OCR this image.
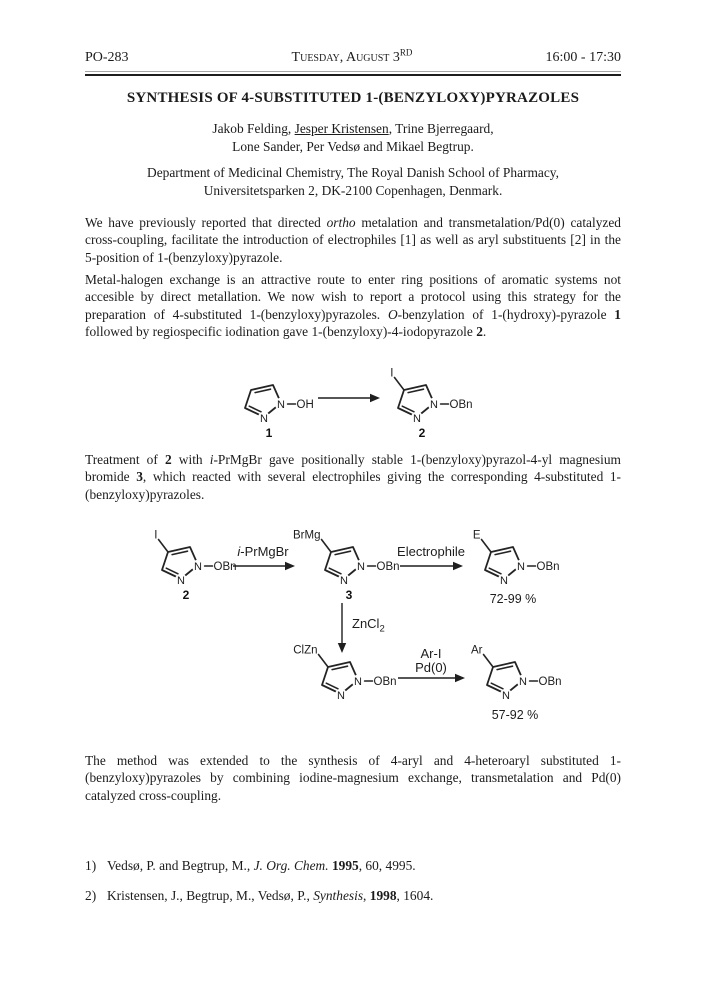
PO-283	Tuesday, August 3RD	16:00 - 17:30
SYNTHESIS OF 4-SUBSTITUTED 1-(BENZYLOXY)PYRAZOLES
Jakob Felding, Jesper Kristensen, Trine Bjerregaard,
Lone Sander, Per Vedsø and Mikael Begtrup.
Department of Medicinal Chemistry, The Royal Danish School of Pharmacy,
Universitetsparken 2, DK-2100 Copenhagen, Denmark.
We have previously reported that directed ortho metalation and transmetalation/Pd(0) catalyzed cross-coupling, facilitate the introduction of electrophiles [1] as well as aryl substituents [2] in the 5-position of 1-(benzyloxy)pyrazole.
Metal-halogen exchange is an attractive route to enter ring positions of aromatic systems not accesible by direct metallation. We now wish to report a protocol using this strategy for the preparation of 4-substituted 1-(benzyloxy)pyrazoles. O-benzylation of 1-(hydroxy)-pyrazole 1 followed by regiospecific iodination gave 1-(benzyloxy)-4-iodopyrazole 2.
N
N
OH
1
N
N
OBn
I
2
Treatment of 2 with i-PrMgBr gave positionally stable 1-(benzyloxy)pyrazol-4-yl magnesium bromide 3, which reacted with several electrophiles giving the corresponding 4-substituted 1-(benzyloxy)pyrazoles.
N
N
OBn
I
2
i-PrMgBr
N
N
OBn
BrMg
3
Electrophile
N
N
OBn
E
72-99 %
ZnCl$_2$
N
N
OBn
ClZn	Ar-I
Pd(0)
N
N
OBn
Ar
57-92 %
The method was extended to the synthesis of 4-aryl and 4-heteroaryl substituted 1-(benzyloxy)pyrazoles by combining iodine-magnesium exchange, transmetalation and Pd(0) catalyzed cross-coupling.
1) Vedsø, P. and Begtrup, M., J. Org. Chem. 1995, 60, 4995.
2) Kristensen, J., Begtrup, M., Vedsø, P., Synthesis, 1998, 1604.
